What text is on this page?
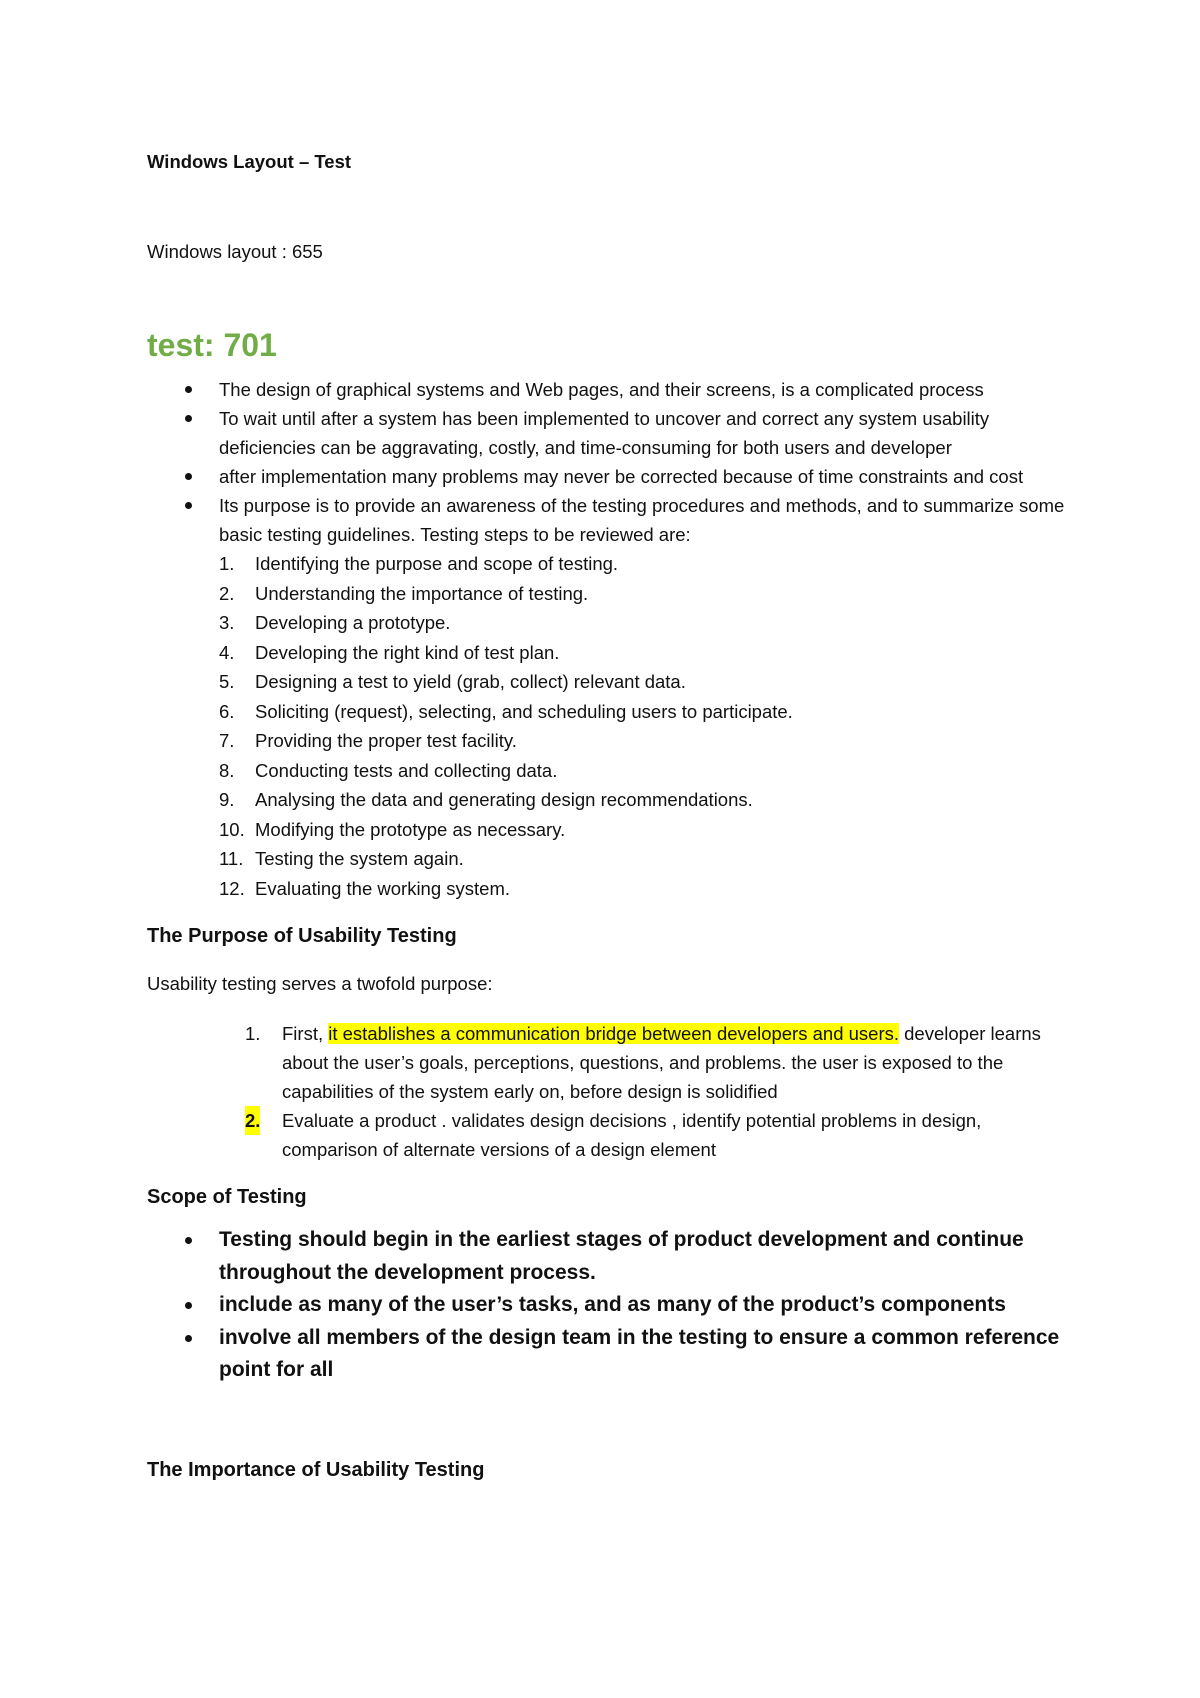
Windows Layout – Test

Windows layout : 655

test: 701

The design of graphical systems and Web pages, and their screens, is a complicated process
To wait until after a system has been implemented to uncover and correct any system usability deficiencies can be aggravating, costly, and time-consuming for both users and developer
after implementation many problems may never be corrected because of time constraints and cost
Its purpose is to provide an awareness of the testing procedures and methods, and to summarize some basic testing guidelines. Testing steps to be reviewed are:
1. Identifying the purpose and scope of testing.
2. Understanding the importance of testing.
3. Developing a prototype.
4. Developing the right kind of test plan.
5. Designing a test to yield (grab, collect) relevant data.
6. Soliciting (request), selecting, and scheduling users to participate.
7. Providing the proper test facility.
8. Conducting tests and collecting data.
9. Analysing the data and generating design recommendations.
10. Modifying the prototype as necessary.
11. Testing the system again.
12. Evaluating the working system.

The Purpose of Usability Testing

Usability testing serves a twofold purpose:

1. First, it establishes a communication bridge between developers and users. developer learns about the user’s goals, perceptions, questions, and problems. the user is exposed to the capabilities of the system early on, before design is solidified
2. Evaluate a product . validates design decisions , identify potential problems in design, comparison of alternate versions of a design element

Scope of Testing

Testing should begin in the earliest stages of product development and continue throughout the development process.
include as many of the user’s tasks, and as many of the product’s components
involve all members of the design team in the testing to ensure a common reference point for all

The Importance of Usability Testing
